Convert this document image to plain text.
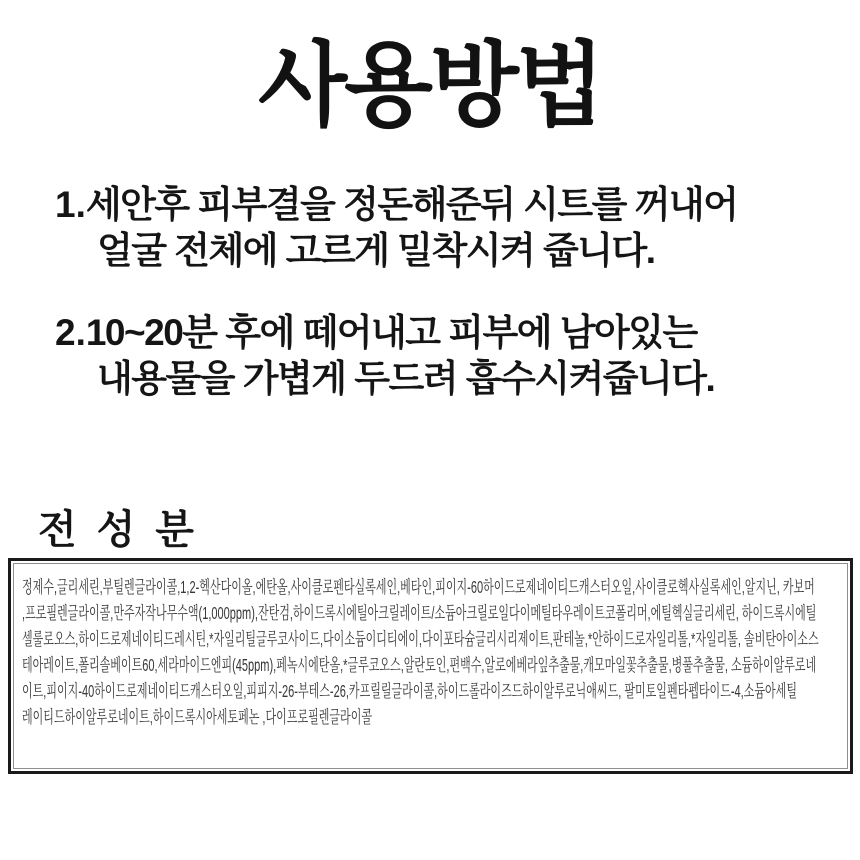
사용방법
1.세안후 피부결을 정돈해준뒤 시트를 꺼내어
얼굴 전체에 고르게 밀착시켜 줍니다.
2.10~20분 후에 떼어내고 피부에 남아있는
내용물을 가볍게 두드려 흡수시켜줍니다.
전성분
정제수,글리세린,부틸렌글라이콜,1,2-헥산다이올,에탄올,사이클로펜타실록세인,베타인,피이지-60하이드로제네이티드캐스터오일,사이클로헥사실록세인,알지닌, 카보머
,프로필렌글라이콜,만주자작나무수액(1,000ppm),잔탄검,하이드록시에틸아크릴레이트/소듐아크릴로일다이메틸타우레이트코폴리머,에틸헥실글리세린, 하이드록시에틸
셀룰로오스,하이드로제네이티드레시틴,*자일리틸글루코사이드,다이소듐이디티에이,다이포타슘글리시리제이트,판테놀,*안하이드로자일리톨,*자일리톨, 솔비탄아이소스
테아레이트,폴리솔베이트60,세라마이드엔피(45ppm),페녹시에탄올,*글루코오스,알란토인,편백수,알로에베라잎추출물,캐모마일꽃추출물,병풀추출물, 소듐하이알루로네
이트,피이지-40하이드로제네이티드캐스터오일,피피지-26-부테스-26,카프릴릴글라이콜,하이드롤라이즈드하이알루로닉애씨드, 팔미토일펜타펩타이드-4,소듐아세틸
레이티드하이알루로네이트,하이드록시아세토페논 ,다이프로필렌글라이콜
